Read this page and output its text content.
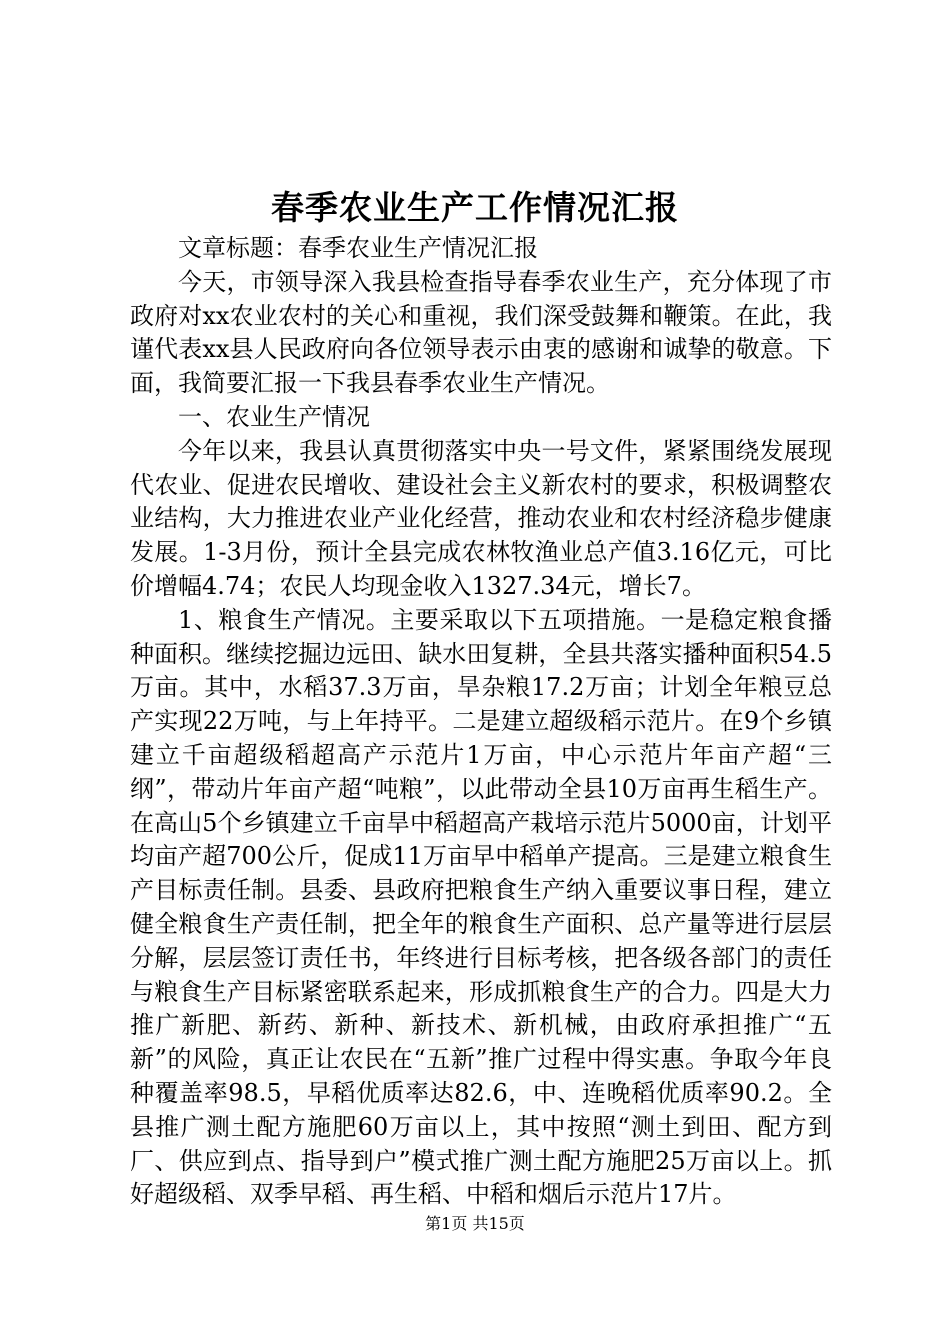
春季农业生产工作情况汇报

文章标题：春季农业生产情况汇报

今天，市领导深入我县检查指导春季农业生产，充分体现了市政府对xx农业农村的关心和重视，我们深受鼓舞和鞭策。在此，我谨代表xx县人民政府向各位领导表示由衷的感谢和诚挚的敬意。下面，我简要汇报一下我县春季农业生产情况。

一、农业生产情况

今年以来，我县认真贯彻落实中央一号文件，紧紧围绕发展现代农业、促进农民增收、建设社会主义新农村的要求，积极调整农业结构，大力推进农业产业化经营，推动农业和农村经济稳步健康发展。1-3月份，预计全县完成农林牧渔业总产值3.16亿元，可比价增幅4.74；农民人均现金收入1327.34元，增长7。

1、粮食生产情况。主要采取以下五项措施。一是稳定粮食播种面积。继续挖掘边远田、缺水田复耕，全县共落实播种面积54.5万亩。其中，水稻37.3万亩，旱杂粮17.2万亩；计划全年粮豆总产实现22万吨，与上年持平。二是建立超级稻示范片。在9个乡镇建立千亩超级稻超高产示范片1万亩，中心示范片年亩产超“三纲”，带动片年亩产超“吨粮”，以此带动全县10万亩再生稻生产。在高山5个乡镇建立千亩旱中稻超高产栽培示范片5000亩，计划平均亩产超700公斤，促成11万亩早中稻单产提高。三是建立粮食生产目标责任制。县委、县政府把粮食生产纳入重要议事日程，建立健全粮食生产责任制，把全年的粮食生产面积、总产量等进行层层分解，层层签订责任书，年终进行目标考核，把各级各部门的责任与粮食生产目标紧密联系起来，形成抓粮食生产的合力。四是大力推广新肥、新药、新种、新技术、新机械，由政府承担推广“五新”的风险，真正让农民在“五新”推广过程中得实惠。争取今年良种覆盖率98.5，早稻优质率达82.6，中、连晚稻优质率90.2。全县推广测土配方施肥60万亩以上，其中按照“测土到田、配方到厂、供应到点、指导到户”模式推广测土配方施肥25万亩以上。抓好超级稻、双季早稻、再生稻、中稻和烟后示范片17片。

第1页 共15页
